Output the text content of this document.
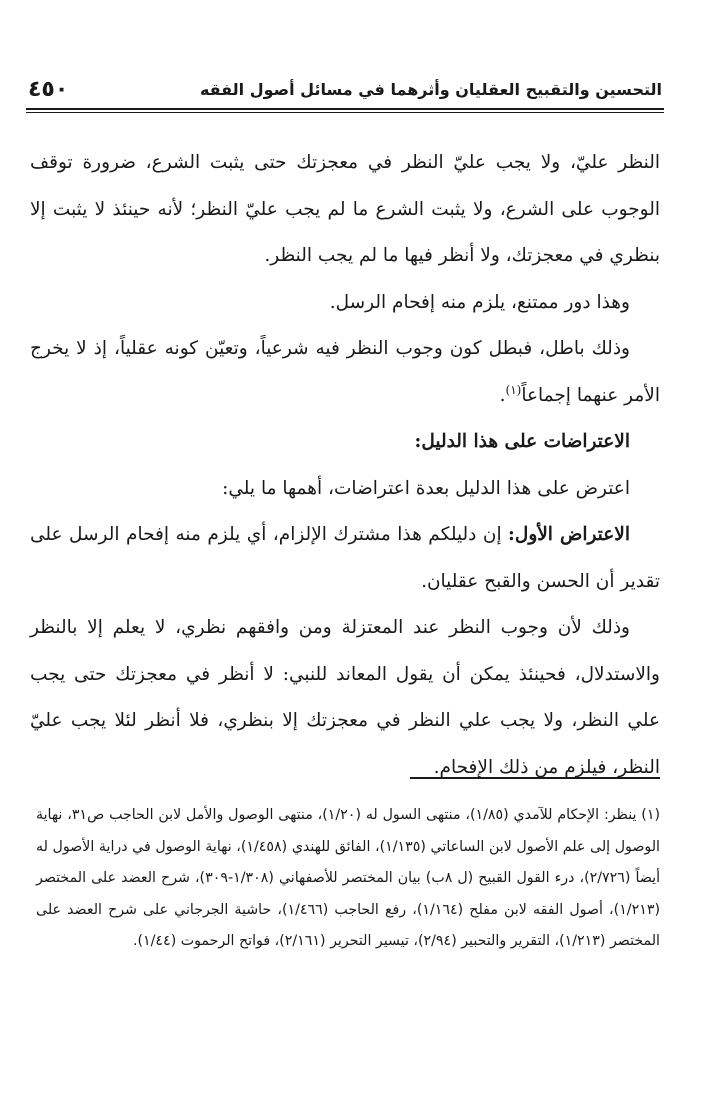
التحسين والتقبيح العقليان وأثرهما في مسائل أصول الفقه
٤٥٠

النظر عليّ، ولا يجب عليّ النظر في معجزتك حتى يثبت الشرع، ضرورة توقف الوجوب على الشرع، ولا يثبت الشرع ما لم يجب عليّ النظر؛ لأنه حينئذ لا يثبت إلا بنظري في معجزتك، ولا أنظر فيها ما لم يجب النظر.

وهذا دور ممتنع، يلزم منه إفحام الرسل.

وذلك باطل، فبطل كون وجوب النظر فيه شرعياً، وتعيّن كونه عقلياً، إذ لا يخرج الأمر عنهما إجماعاً$^{(١)}$.

الاعتراضات على هذا الدليل:

اعترض على هذا الدليل بعدة اعتراضات، أهمها ما يلي:

الاعتراض الأول: إن دليلكم هذا مشترك الإلزام، أي يلزم منه إفحام الرسل على تقدير أن الحسن والقبح عقليان.

وذلك لأن وجوب النظر عند المعتزلة ومن وافقهم نظري، لا يعلم إلا بالنظر والاستدلال، فحينئذ يمكن أن يقول المعاند للنبي: لا أنظر في معجزتك حتى يجب علي النظر، ولا يجب علي النظر في معجزتك إلا بنظري، فلا أنظر لئلا يجب عليّ النظر، فيلزم من ذلك الإفحام.

(١) ينظر: الإحكام للآمدي (١/٨٥)، منتهى السول له (١/٢٠)، منتهى الوصول والأمل لابن الحاجب ص٣١، نهاية الوصول إلى علم الأصول لابن الساعاتي (١/١٣٥)، الفائق للهندي (١/٤٥٨)، نهاية الوصول في دراية الأصول له أيضاً (٢/٧٢٦)، درء القول القبيح (ل ٨ب) بيان المختصر للأصفهاني (١/٣٠٨-٣٠٩)، شرح العضد على المختصر (١/٢١٣)، أصول الفقه لابن مفلح (١/١٦٤)، رفع الحاجب (١/٤٦٦)، حاشية الجرجاني على شرح العضد على المختصر (١/٢١٣)، التقرير والتحبير (٢/٩٤)، تيسير التحرير (٢/١٦١)، فواتح الرحموت (١/٤٤).
